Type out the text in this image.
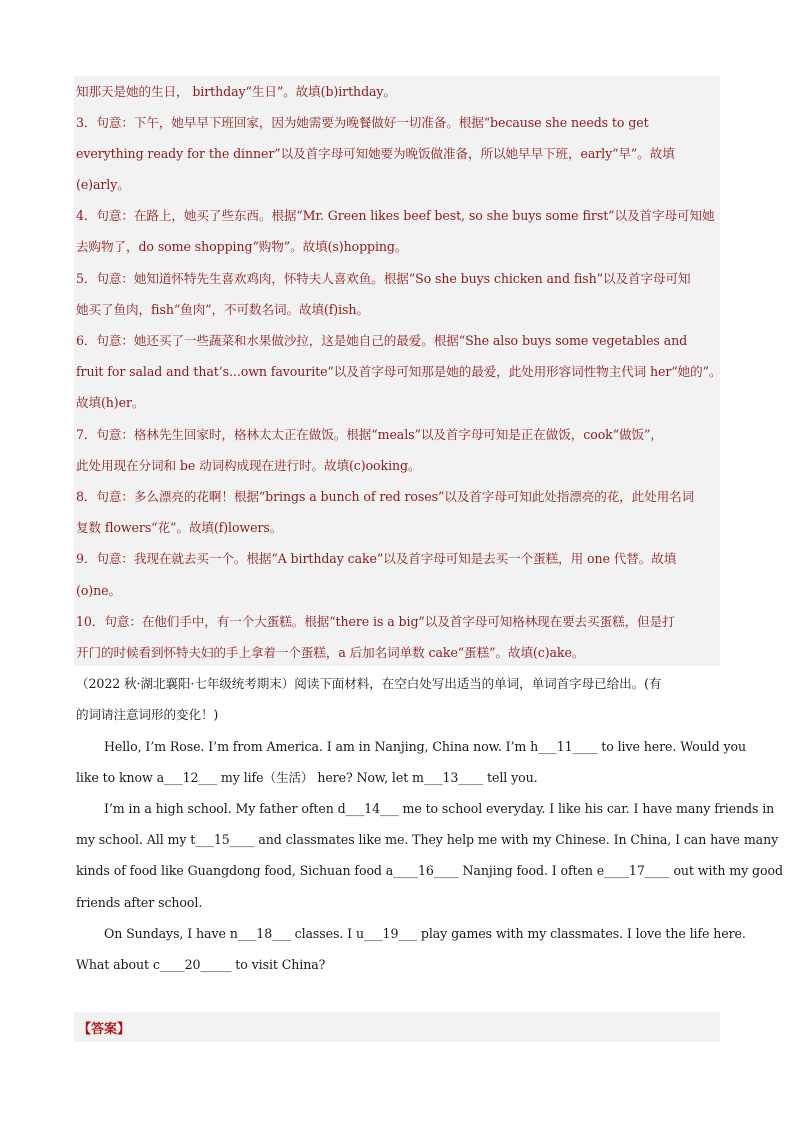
知那天是她的生日， birthday“生日”。故填(b)irthday。
3．句意：下午，她早早下班回家，因为她需要为晚餐做好一切准备。根据“because she needs to get
everything ready for the dinner”以及首字母可知她要为晚饭做准备，所以她早早下班，early“早”。故填
(e)arly。
4．句意：在路上，她买了些东西。根据“Mr. Green likes beef best, so she buys some first”以及首字母可知她
去购物了，do some shopping“购物”。故填(s)hopping。
5．句意：她知道怀特先生喜欢鸡肉，怀特夫人喜欢鱼。根据“So she buys chicken and fish”以及首字母可知
她买了鱼肉，fish“鱼肉”，不可数名词。故填(f)ish。
6．句意：她还买了一些蔬菜和水果做沙拉，这是她自己的最爱。根据“She also buys some vegetables and
fruit for salad and that’s...own favourite”以及首字母可知那是她的最爱，此处用形容词性物主代词 her“她的”。
故填(h)er。
7．句意：格林先生回家时，格林太太正在做饭。根据“meals”以及首字母可知是正在做饭，cook“做饭”，
此处用现在分词和 be 动词构成现在进行时。故填(c)ooking。
8．句意：多么漂亮的花啊！根据“brings a bunch of red roses”以及首字母可知此处指漂亮的花，此处用名词
复数 flowers“花”。故填(f)lowers。
9．句意：我现在就去买一个。根据“A birthday cake”以及首字母可知是去买一个蛋糕，用 one 代替。故填
(o)ne。
10．句意：在他们手中，有一个大蛋糕。根据“there is a big”以及首字母可知格林现在要去买蛋糕，但是打
开门的时候看到怀特夫妇的手上拿着一个蛋糕，a 后加名词单数 cake“蛋糕”。故填(c)ake。
（2022 秋·湖北襄阳·七年级统考期末）阅读下面材料，在空白处写出适当的单词，单词首字母已给出。(有
的词请注意词形的变化！)
Hello, I’m Rose. I’m from America. I am in Nanjing, China now. I’m h___11____ to live here. Would you
like to know a___12___ my life（生活） here? Now, let m___13____ tell you.
I’m in a high school. My father often d___14___ me to school everyday. I like his car. I have many friends in
my school. All my t___15____ and classmates like me. They help me with my Chinese. In China, I can have many
kinds of food like Guangdong food, Sichuan food a____16____ Nanjing food. I often e____17____ out with my good
friends after school.
On Sundays, I have n___18___ classes. I u___19___ play games with my classmates. I love the life here.
What about c____20_____ to visit China?
【答案】
